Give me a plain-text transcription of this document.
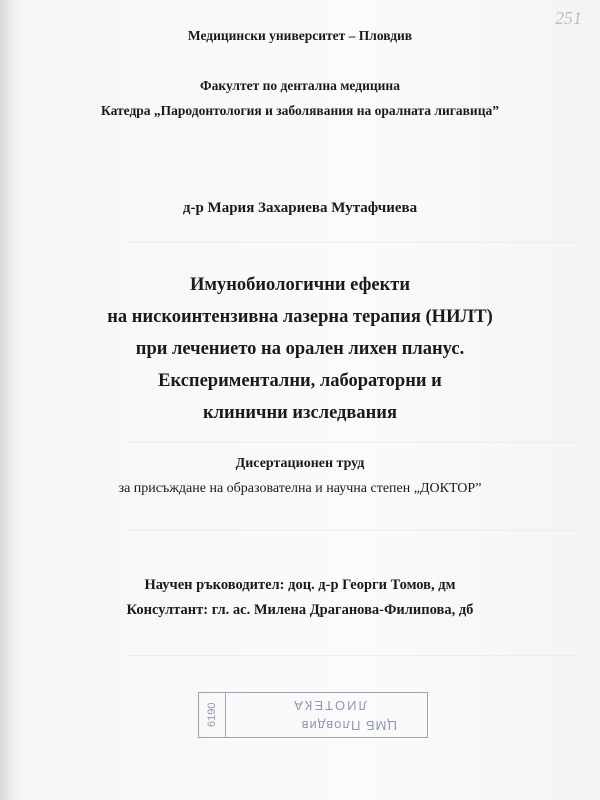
251
Медицински университет – Пловдив
Факултет по дентална медицина
Катедра „Пародонтология и заболявания на оралната лигавица”
д-р Мария Захариева Мутафчиева
Имунобиологични ефекти
на нискоинтензивна лазерна терапия (НИЛТ)
при лечението на орален лихен планус.
Експериментални, лабораторни и
клинични изследвания
Дисертационен труд
за присъждане на образователна и научна степен „ДОКТОР”
Научен ръководител: доц. д-р Георги Томов, дм
Консултант: гл. ас. Милена Драганова-Филипова, дб
6190	ЦМБ Пловдив
ЛИОТЕКА
